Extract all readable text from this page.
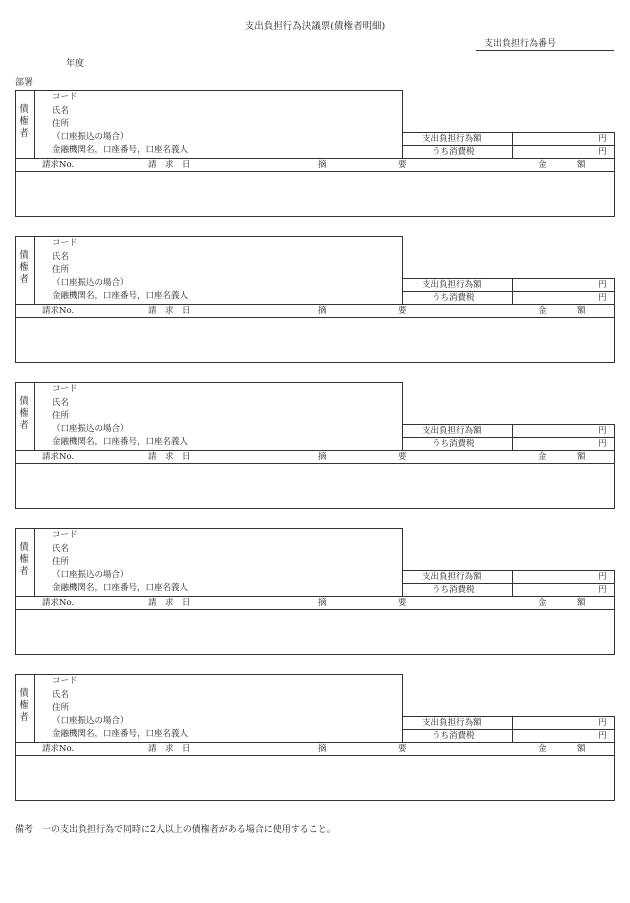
支出負担行為決議票(債権者明細)
支出負担行為番号
年度
部署
債
権
者
コード
氏名
住所
（口座振込の場合）
金融機関名，口座番号，口座名義人
支出負担行為額	円
うち消費税	円
請求No.	請　求　日	摘	要	金	額
債
権
者
コード
氏名
住所
（口座振込の場合）
金融機関名，口座番号，口座名義人
支出負担行為額	円
うち消費税	円
請求No.	請　求　日	摘	要	金	額
債
権
者
コード
氏名
住所
（口座振込の場合）
金融機関名，口座番号，口座名義人
支出負担行為額	円
うち消費税	円
請求No.	請　求　日	摘	要	金	額
債
権
者
コード
氏名
住所
（口座振込の場合）
金融機関名，口座番号，口座名義人
支出負担行為額	円
うち消費税	円
請求No.	請　求　日	摘	要	金	額
債
権
者
コード
氏名
住所
（口座振込の場合）
金融機関名，口座番号，口座名義人
支出負担行為額	円
うち消費税	円
請求No.	請　求　日	摘	要	金	額
備考　一の支出負担行為で同時に2人以上の債権者がある場合に使用すること。
